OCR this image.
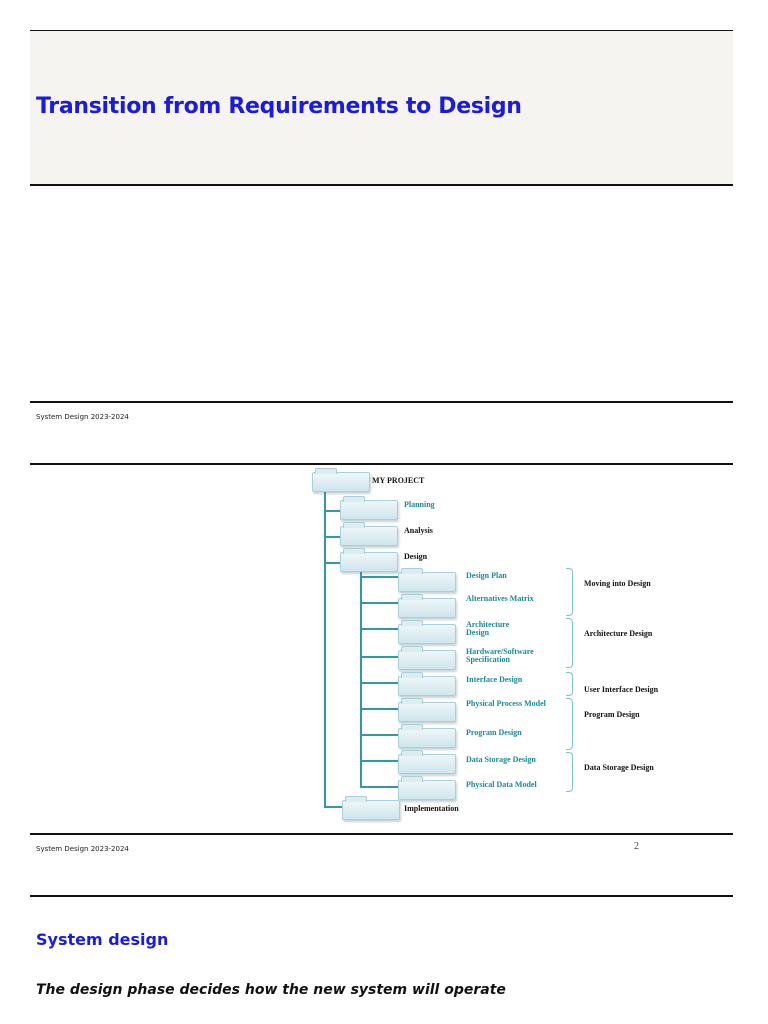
Transition from Requirements to Design
System Design 2023-2024
MY PROJECT
Planning
Analysis
Design
Implementation
Design Plan
Alternatives Matrix
Architecture Design
Hardware/Software Specification
Interface Design
Physical Process Model
Program Design
Data Storage Design
Physical Data Model
Moving into Design
Architecture Design
User Interface Design
Program Design
Data Storage Design
System Design 2023-2024	2
System design

The design phase decides how the new system will operate
